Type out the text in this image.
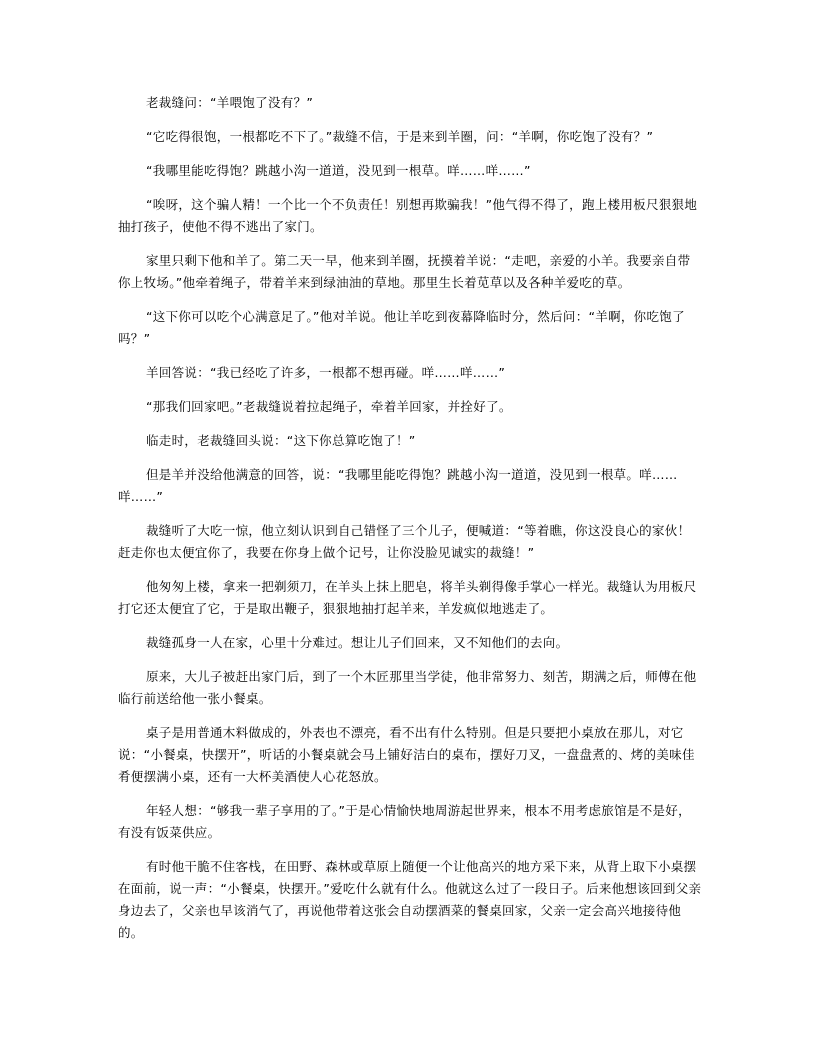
老裁缝问：“羊喂饱了没有？”

“它吃得很饱，一根都吃不下了。”裁缝不信，于是来到羊圈，问：“羊啊，你吃饱了没有？”

“我哪里能吃得饱？跳越小沟一道道，没见到一根草。咩……咩……”

“唉呀，这个骗人精！一个比一个不负责任！别想再欺骗我！”他气得不得了，跑上楼用板尺狠狠地抽打孩子，使他不得不逃出了家门。

家里只剩下他和羊了。第二天一早，他来到羊圈，抚摸着羊说：“走吧，亲爱的小羊。我要亲自带你上牧场。”他牵着绳子，带着羊来到绿油油的草地。那里生长着苋草以及各种羊爱吃的草。

“这下你可以吃个心满意足了。”他对羊说。他让羊吃到夜幕降临时分，然后问：“羊啊，你吃饱了吗？”

羊回答说：“我已经吃了许多，一根都不想再碰。咩……咩……”

“那我们回家吧。”老裁缝说着拉起绳子，牵着羊回家，并拴好了。

临走时，老裁缝回头说：“这下你总算吃饱了！”

但是羊并没给他满意的回答，说：“我哪里能吃得饱？跳越小沟一道道，没见到一根草。咩……咩……”

裁缝听了大吃一惊，他立刻认识到自己错怪了三个儿子，便喊道：“等着瞧，你这没良心的家伙！赶走你也太便宜你了，我要在你身上做个记号，让你没脸见诚实的裁缝！”

他匆匆上楼，拿来一把剃须刀，在羊头上抹上肥皂，将羊头剃得像手掌心一样光。裁缝认为用板尺打它还太便宜了它，于是取出鞭子，狠狠地抽打起羊来，羊发疯似地逃走了。

裁缝孤身一人在家，心里十分难过。想让儿子们回来，又不知他们的去向。

原来，大儿子被赶出家门后，到了一个木匠那里当学徒，他非常努力、刻苦，期满之后，师傅在他临行前送给他一张小餐桌。

桌子是用普通木料做成的，外表也不漂亮，看不出有什么特别。但是只要把小桌放在那儿，对它说：“小餐桌，快摆开”，听话的小餐桌就会马上铺好洁白的桌布，摆好刀叉，一盘盘煮的、烤的美味佳肴便摆满小桌，还有一大杯美酒使人心花怒放。

年轻人想：“够我一辈子享用的了。”于是心情愉快地周游起世界来，根本不用考虑旅馆是不是好，有没有饭菜供应。

有时他干脆不住客栈，在田野、森林或草原上随便一个让他高兴的地方采下来，从背上取下小桌摆在面前，说一声：“小餐桌，快摆开。”爱吃什么就有什么。他就这么过了一段日子。后来他想该回到父亲身边去了，父亲也早该消气了，再说他带着这张会自动摆酒菜的餐桌回家，父亲一定会高兴地接待他的。
